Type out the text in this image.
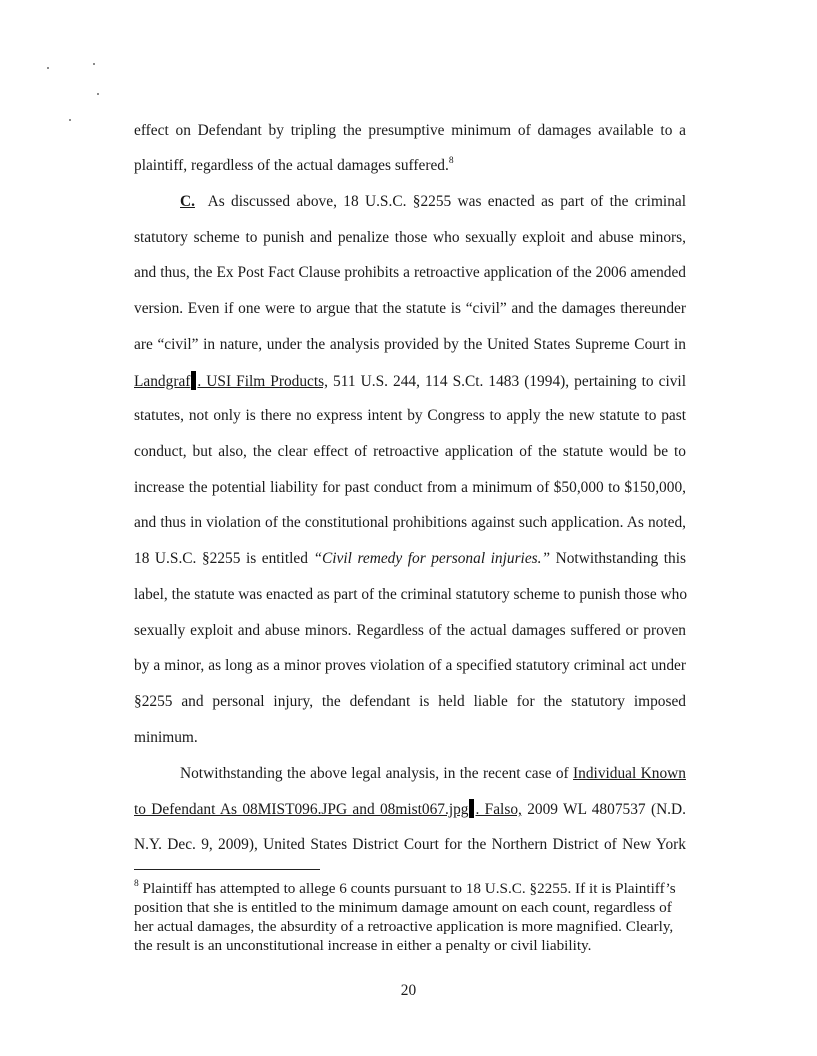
effect on Defendant by tripling the presumptive minimum of damages available to a
plaintiff, regardless of the actual damages suffered.$^8$
C. As discussed above, 18 U.S.C. §2255 was enacted as part of the criminal
statutory scheme to punish and penalize those who sexually exploit and abuse minors,
and thus, the Ex Post Fact Clause prohibits a retroactive application of the 2006 amended
version. Even if one were to argue that the statute is “civil” and the damages thereunder
are “civil” in nature, under the analysis provided by the United States Supreme Court in
Landgraf . USI Film Products, 511 U.S. 244, 114 S.Ct. 1483 (1994), pertaining to civil
statutes, not only is there no express intent by Congress to apply the new statute to past
conduct, but also, the clear effect of retroactive application of the statute would be to
increase the potential liability for past conduct from a minimum of $50,000 to $150,000,
and thus in violation of the constitutional prohibitions against such application. As noted,
18 U.S.C. §2255 is entitled “Civil remedy for personal injuries.” Notwithstanding this
label, the statute was enacted as part of the criminal statutory scheme to punish those who
sexually exploit and abuse minors. Regardless of the actual damages suffered or proven
by a minor, as long as a minor proves violation of a specified statutory criminal act under
§2255 and personal injury, the defendant is held liable for the statutory imposed
minimum.
Notwithstanding the above legal analysis, in the recent case of Individual Known
to Defendant As 08MIST096.JPG and 08mist067.jpg . Falso, 2009 WL 4807537 (N.D.
N.Y. Dec. 9, 2009), United States District Court for the Northern District of New York
$^8$ Plaintiff has attempted to allege 6 counts pursuant to 18 U.S.C. §2255. If it is Plaintiff’s
position that she is entitled to the minimum damage amount on each count, regardless of
her actual damages, the absurdity of a retroactive application is more magnified. Clearly,
the result is an unconstitutional increase in either a penalty or civil liability.
20
